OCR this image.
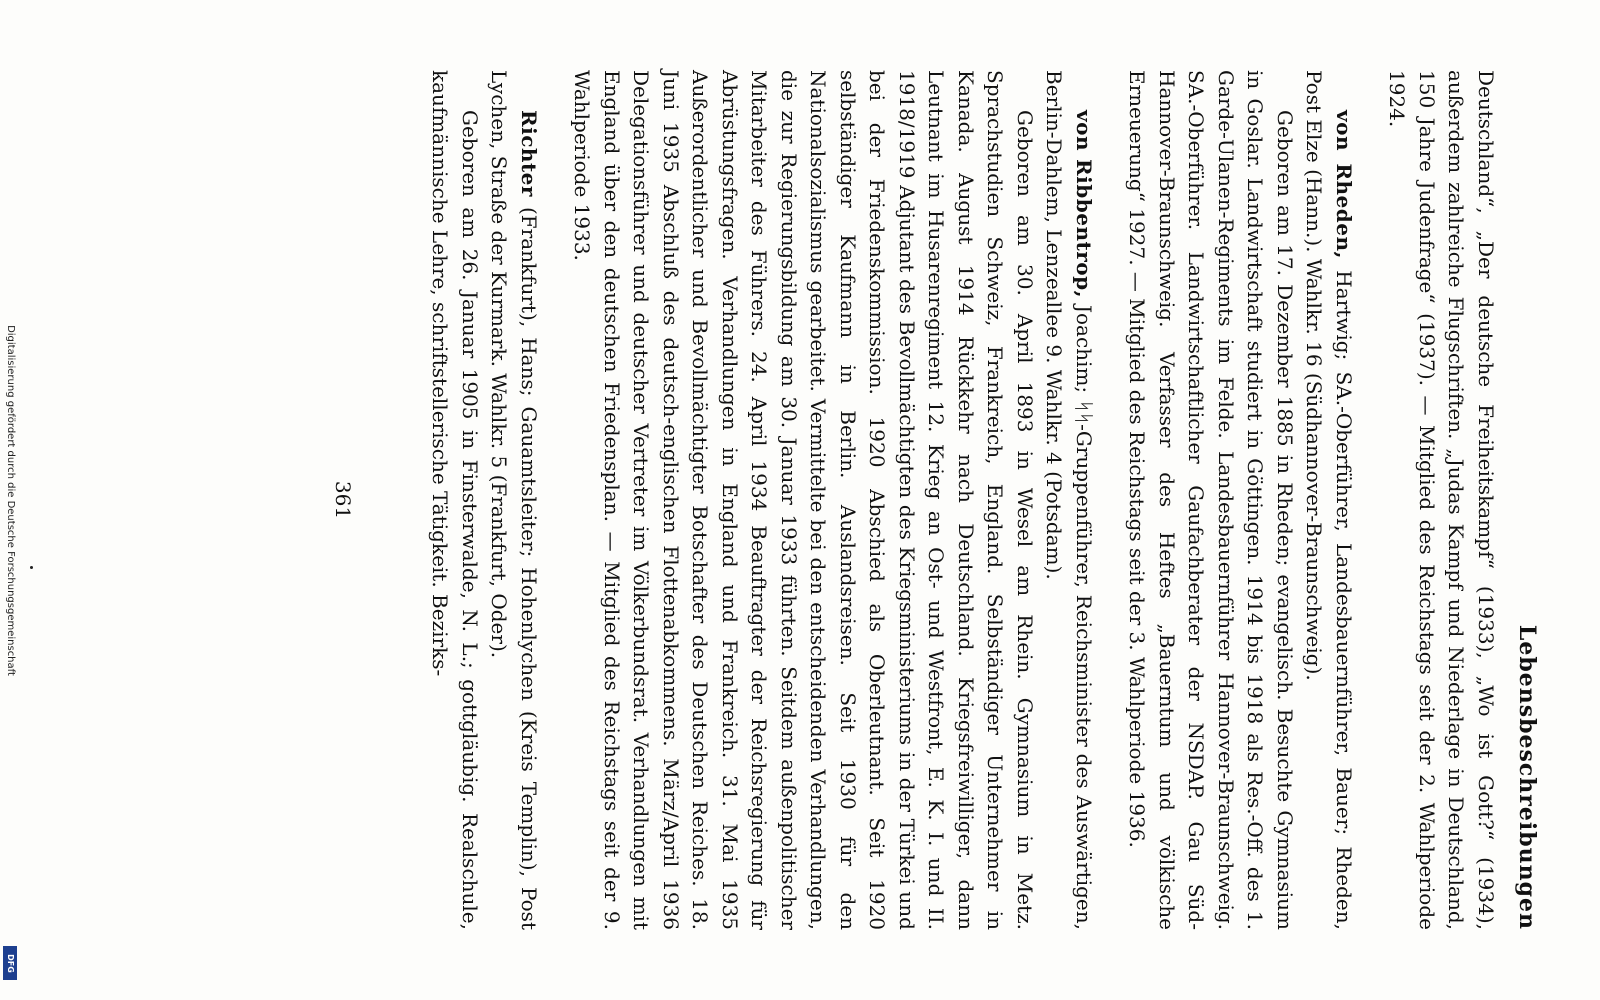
Lebensbeschreibungen

Deutschland“, „Der deutsche Freiheitskampf“ (1933), „Wo ist Gott?“ (1934), außerdem zahlreiche Flugschriften. „Judas Kampf und Niederlage in Deutschland, 150 Jahre Judenfrage“ (1937). — Mitglied des Reichstags seit der 2. Wahlperiode 1924.

von Rheden, Hartwig; SA.-Oberführer, Landesbauernführer, Bauer; Rheden, Post Elze (Hann.). Wahlkr. 16 (Südhannover-Braunschweig).

Geboren am 17. Dezember 1885 in Rheden; evangelisch. Besuchte Gymnasium in Goslar. Landwirtschaft studiert in Göttingen. 1914 bis 1918 als Res.-Off. des 1. Garde-Ulanen-Regiments im Felde. Landesbauernführer Hannover-Braunschweig. SA.-Oberführer. Landwirtschaftlicher Gaufachberater der NSDAP. Gau Süd-Hannover-Braunschweig. Verfasser des Heftes „Bauerntum und völkische Erneuerung“ 1927. — Mitglied des Reichstags seit der 3. Wahlperiode 1936.

von Ribbentrop, Joachim; ᛋᛋ-Gruppenführer, Reichsminister des Auswärtigen, Berlin-Dahlem, Lenzeallee 9. Wahlkr. 4 (Potsdam).

Geboren am 30. April 1893 in Wesel am Rhein. Gymnasium in Metz. Sprachstudien Schweiz, Frankreich, England. Selbständiger Unternehmer in Kanada. August 1914 Rückkehr nach Deutschland. Kriegsfreiwilliger, dann Leutnant im Husarenregiment 12. Krieg an Ost- und Westfront, E. K. I. und II. 1918/1919 Adjutant des Bevollmächtigten des Kriegsministeriums in der Türkei und bei der Friedenskommission. 1920 Abschied als Oberleutnant. Seit 1920 selbständiger Kaufmann in Berlin. Auslandsreisen. Seit 1930 für den Nationalsozialismus gearbeitet. Vermittelte bei den entscheidenden Verhandlungen, die zur Regierungsbildung am 30. Januar 1933 führten. Seitdem außenpolitischer Mitarbeiter des Führers. 24. April 1934 Beauftragter der Reichsregierung für Abrüstungsfragen. Verhandlungen in England und Frankreich. 31. Mai 1935 Außerordentlicher und Bevollmächtigter Botschafter des Deutschen Reiches. 18. Juni 1935 Abschluß des deutsch-englischen Flottenabkommens. März/April 1936 Delegationsführer und deutscher Vertreter im Völkerbundsrat. Verhandlungen mit England über den deutschen Friedensplan. — Mitglied des Reichstags seit der 9. Wahlperiode 1933.

Richter (Frankfurt), Hans; Gauamtsleiter; Hohenlychen (Kreis Templin), Post Lychen, Straße der Kurmark. Wahlkr. 5 (Frankfurt, Oder).

Geboren am 26. Januar 1905 in Finsterwalde, N. L.; gottgläubig. Realschule, kaufmännische Lehre, schriftstellerische Tätigkeit. Bezirks-

361
Digitalisierung gefördert durch die Deutsche Forschungsgemeinschaft
DFG
